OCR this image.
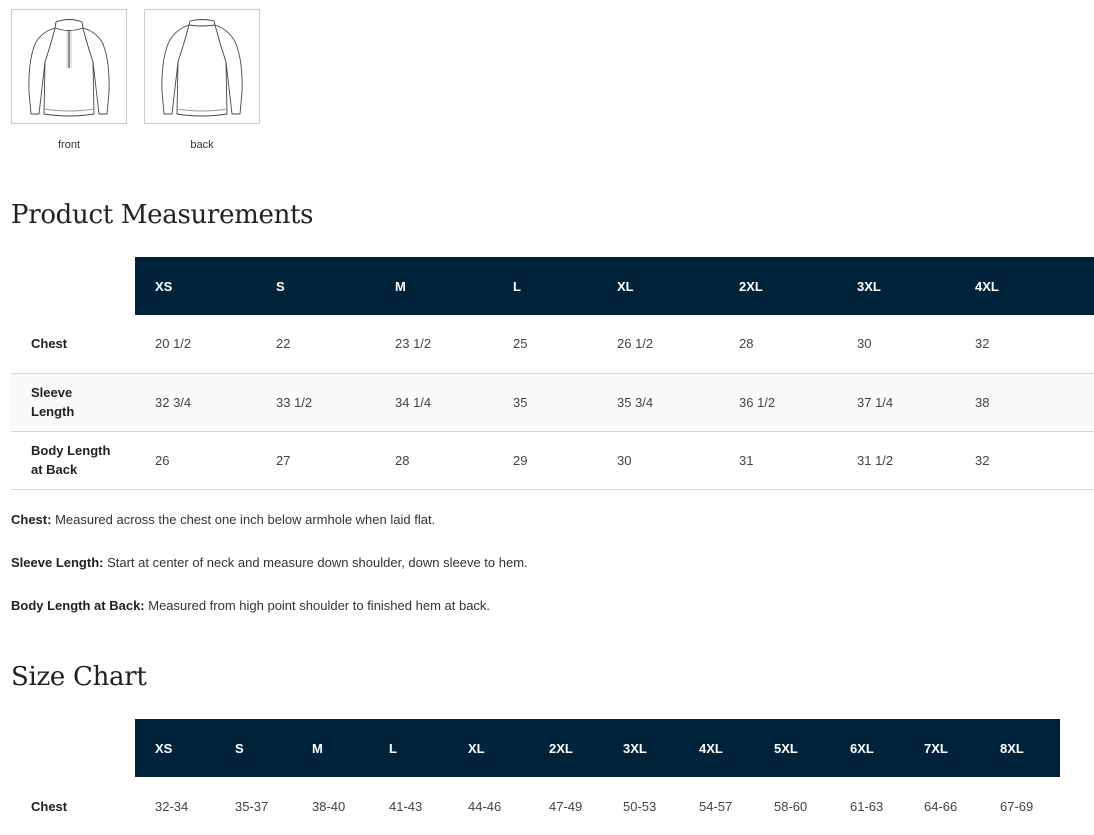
front	back
Product Measurements
	XS	S	M	L	XL	2XL	3XL	4XL
Chest	20 1/2	22	23 1/2	25	26 1/2	28	30	32

Sleeve Length	32 3/4	33 1/2	34 1/4	35	35 3/4	36 1/2	37 1/4	38

Body Length at Back	26	27	28	29	30	31	31 1/2	32

Chest: Measured across the chest one inch below armhole when laid flat.

Sleeve Length: Start at center of neck and measure down shoulder, down sleeve to hem.

Body Length at Back: Measured from high point shoulder to finished hem at back.

Size Chart
	XS	S	M	L	XL	2XL	3XL	4XL	5XL	6XL	7XL	8XL
Chest	32-34	35-37	38-40	41-43	44-46	47-49	50-53	54-57	58-60	61-63	64-66	67-69
